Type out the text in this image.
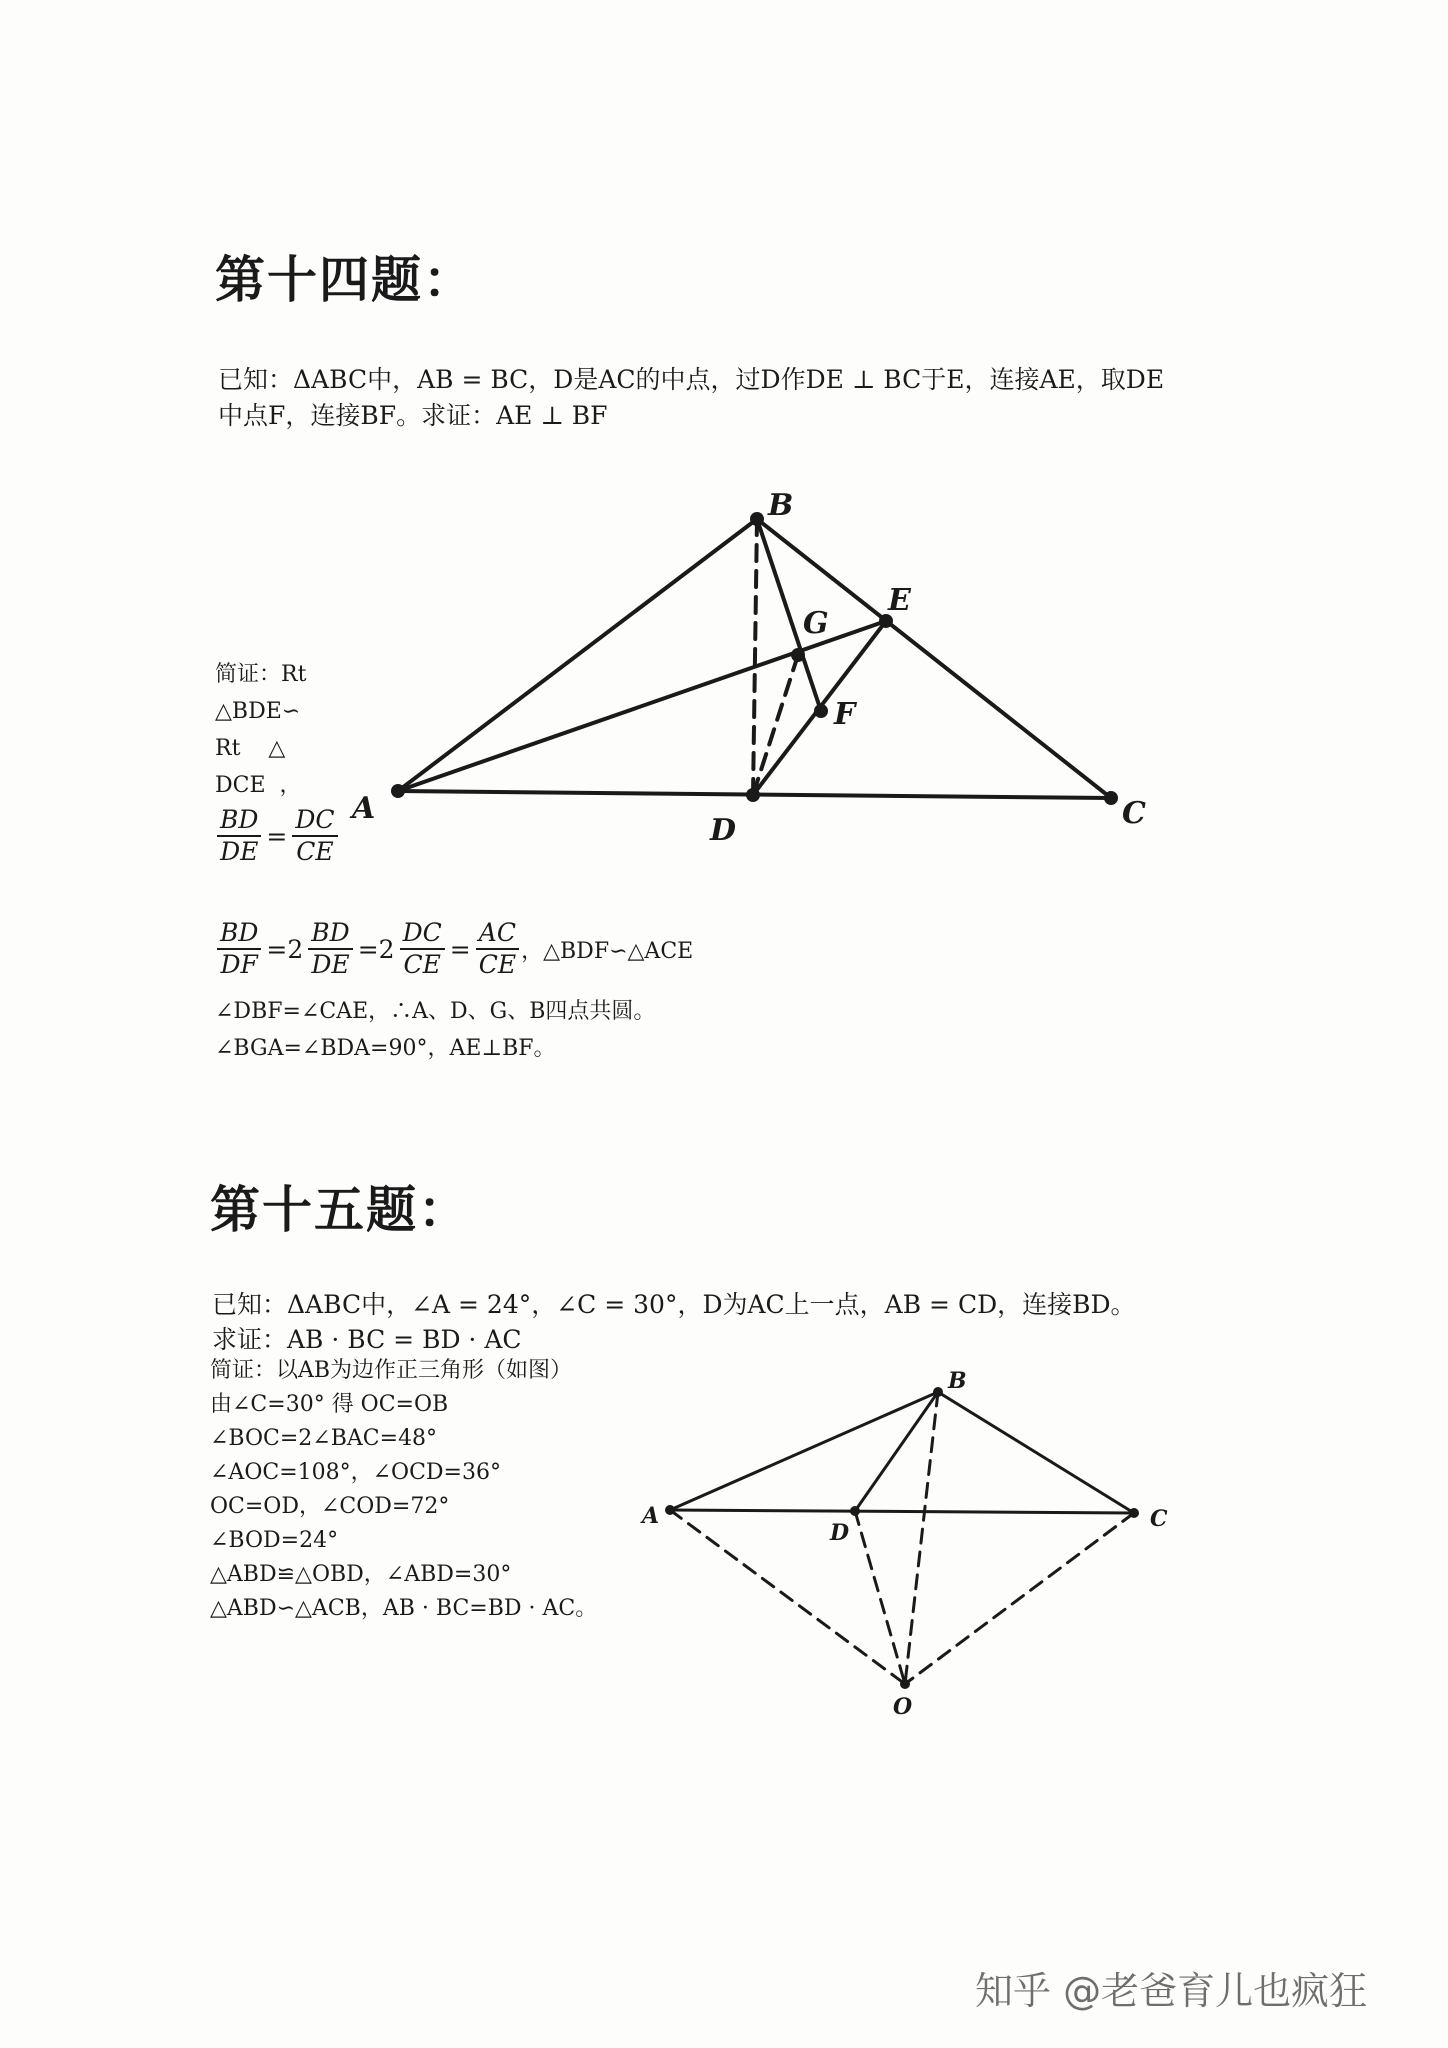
第十四题：
已知：ΔABC中，AB = BC，D是AC的中点，过D作DE ⊥ BC于E，连接AE，取DE
中点F，连接BF。求证：AE ⊥ BF
A
B
C
D
E
F
G
简证：Rt
△BDE∽
Rt    △
DCE  ，
$\frac{BD}{DE} = \frac{DC}{CE}$
$\frac{BD}{DF} =2 \frac{BD}{DE} =2 \frac{DC}{CE} = \frac{AC}{CE}$ ，△BDF∽△ACE
∠DBF=∠CAE，∴A、D、G、B四点共圆。
∠BGA=∠BDA=90°，AE⊥BF。
第十五题：
已知：ΔABC中，∠A = 24°，∠C = 30°，D为AC上一点，AB = CD，连接BD。
求证：AB · BC = BD · AC
简证：以AB为边作正三角形（如图）
由∠C=30° 得 OC=OB
∠BOC=2∠BAC=48°
∠AOC=108°，∠OCD=36°
OC=OD，∠COD=72°
∠BOD=24°
△ABD≌△OBD，∠ABD=30°
△ABD∽△ACB，AB · BC=BD · AC。
A
B
C
D
O
知乎 @老爸育儿也疯狂
